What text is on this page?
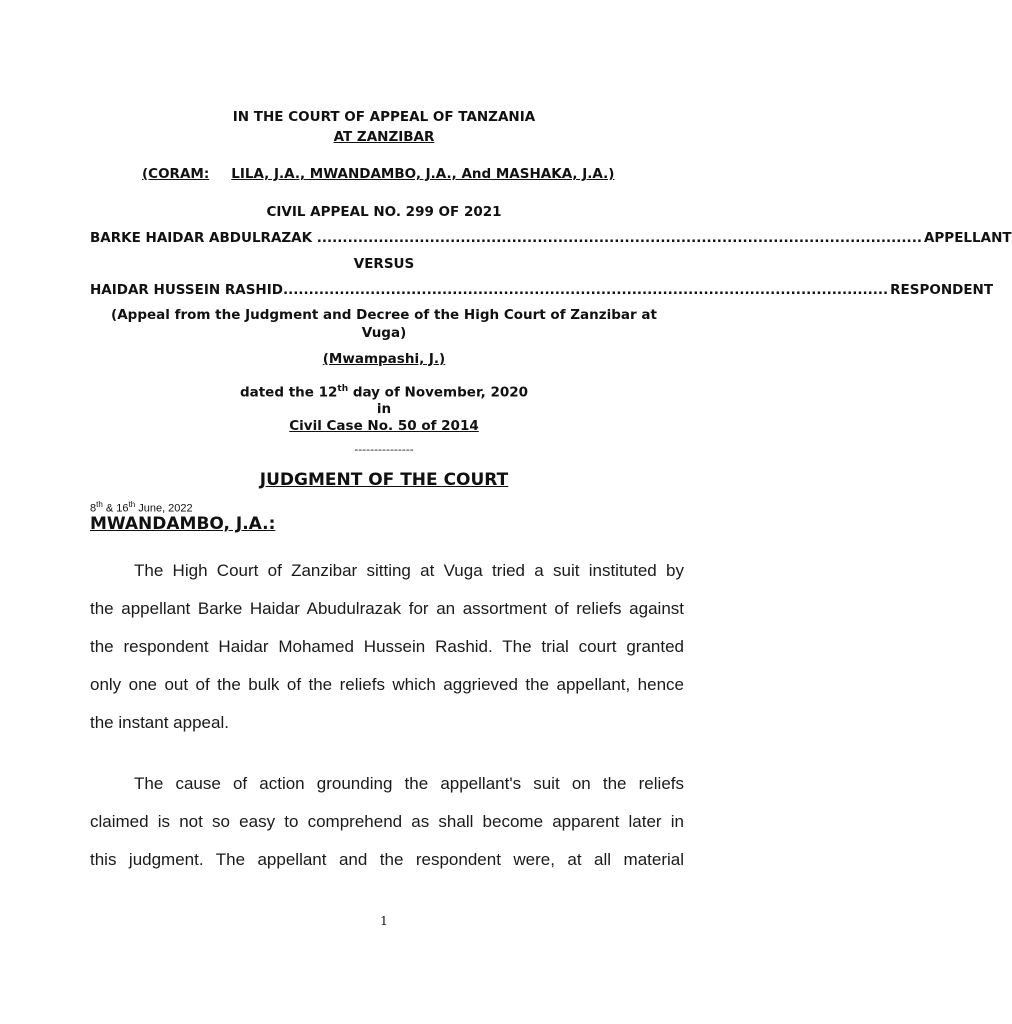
IN THE COURT OF APPEAL OF TANZANIA
AT ZANZIBAR
(CORAM: LILA, J.A., MWANDAMBO, J.A., And MASHAKA, J.A.)
CIVIL APPEAL NO. 299 OF 2021
BARKE HAIDAR ABDULRAZAK ...................................................................................................................... APPELLANT
VERSUS
HAIDAR HUSSEIN RASHID ...................................................................................................................... RESPONDENT
(Appeal from the Judgment and Decree of the High Court of Zanzibar at
Vuga)
(Mwampashi, J.)
dated the 12th day of November, 2020
in
Civil Case No. 50 of 2014
---------------
JUDGMENT OF THE COURT
8th & 16th June, 2022
MWANDAMBO, J.A.:
The High Court of Zanzibar sitting at Vuga tried a suit instituted by
the appellant Barke Haidar Abudulrazak for an assortment of reliefs against
the respondent Haidar Mohamed Hussein Rashid. The trial court granted
only one out of the bulk of the reliefs which aggrieved the appellant, hence
the instant appeal.
The cause of action grounding the appellant's suit on the reliefs
claimed is not so easy to comprehend as shall become apparent later in
this judgment. The appellant and the respondent were, at all material
1
